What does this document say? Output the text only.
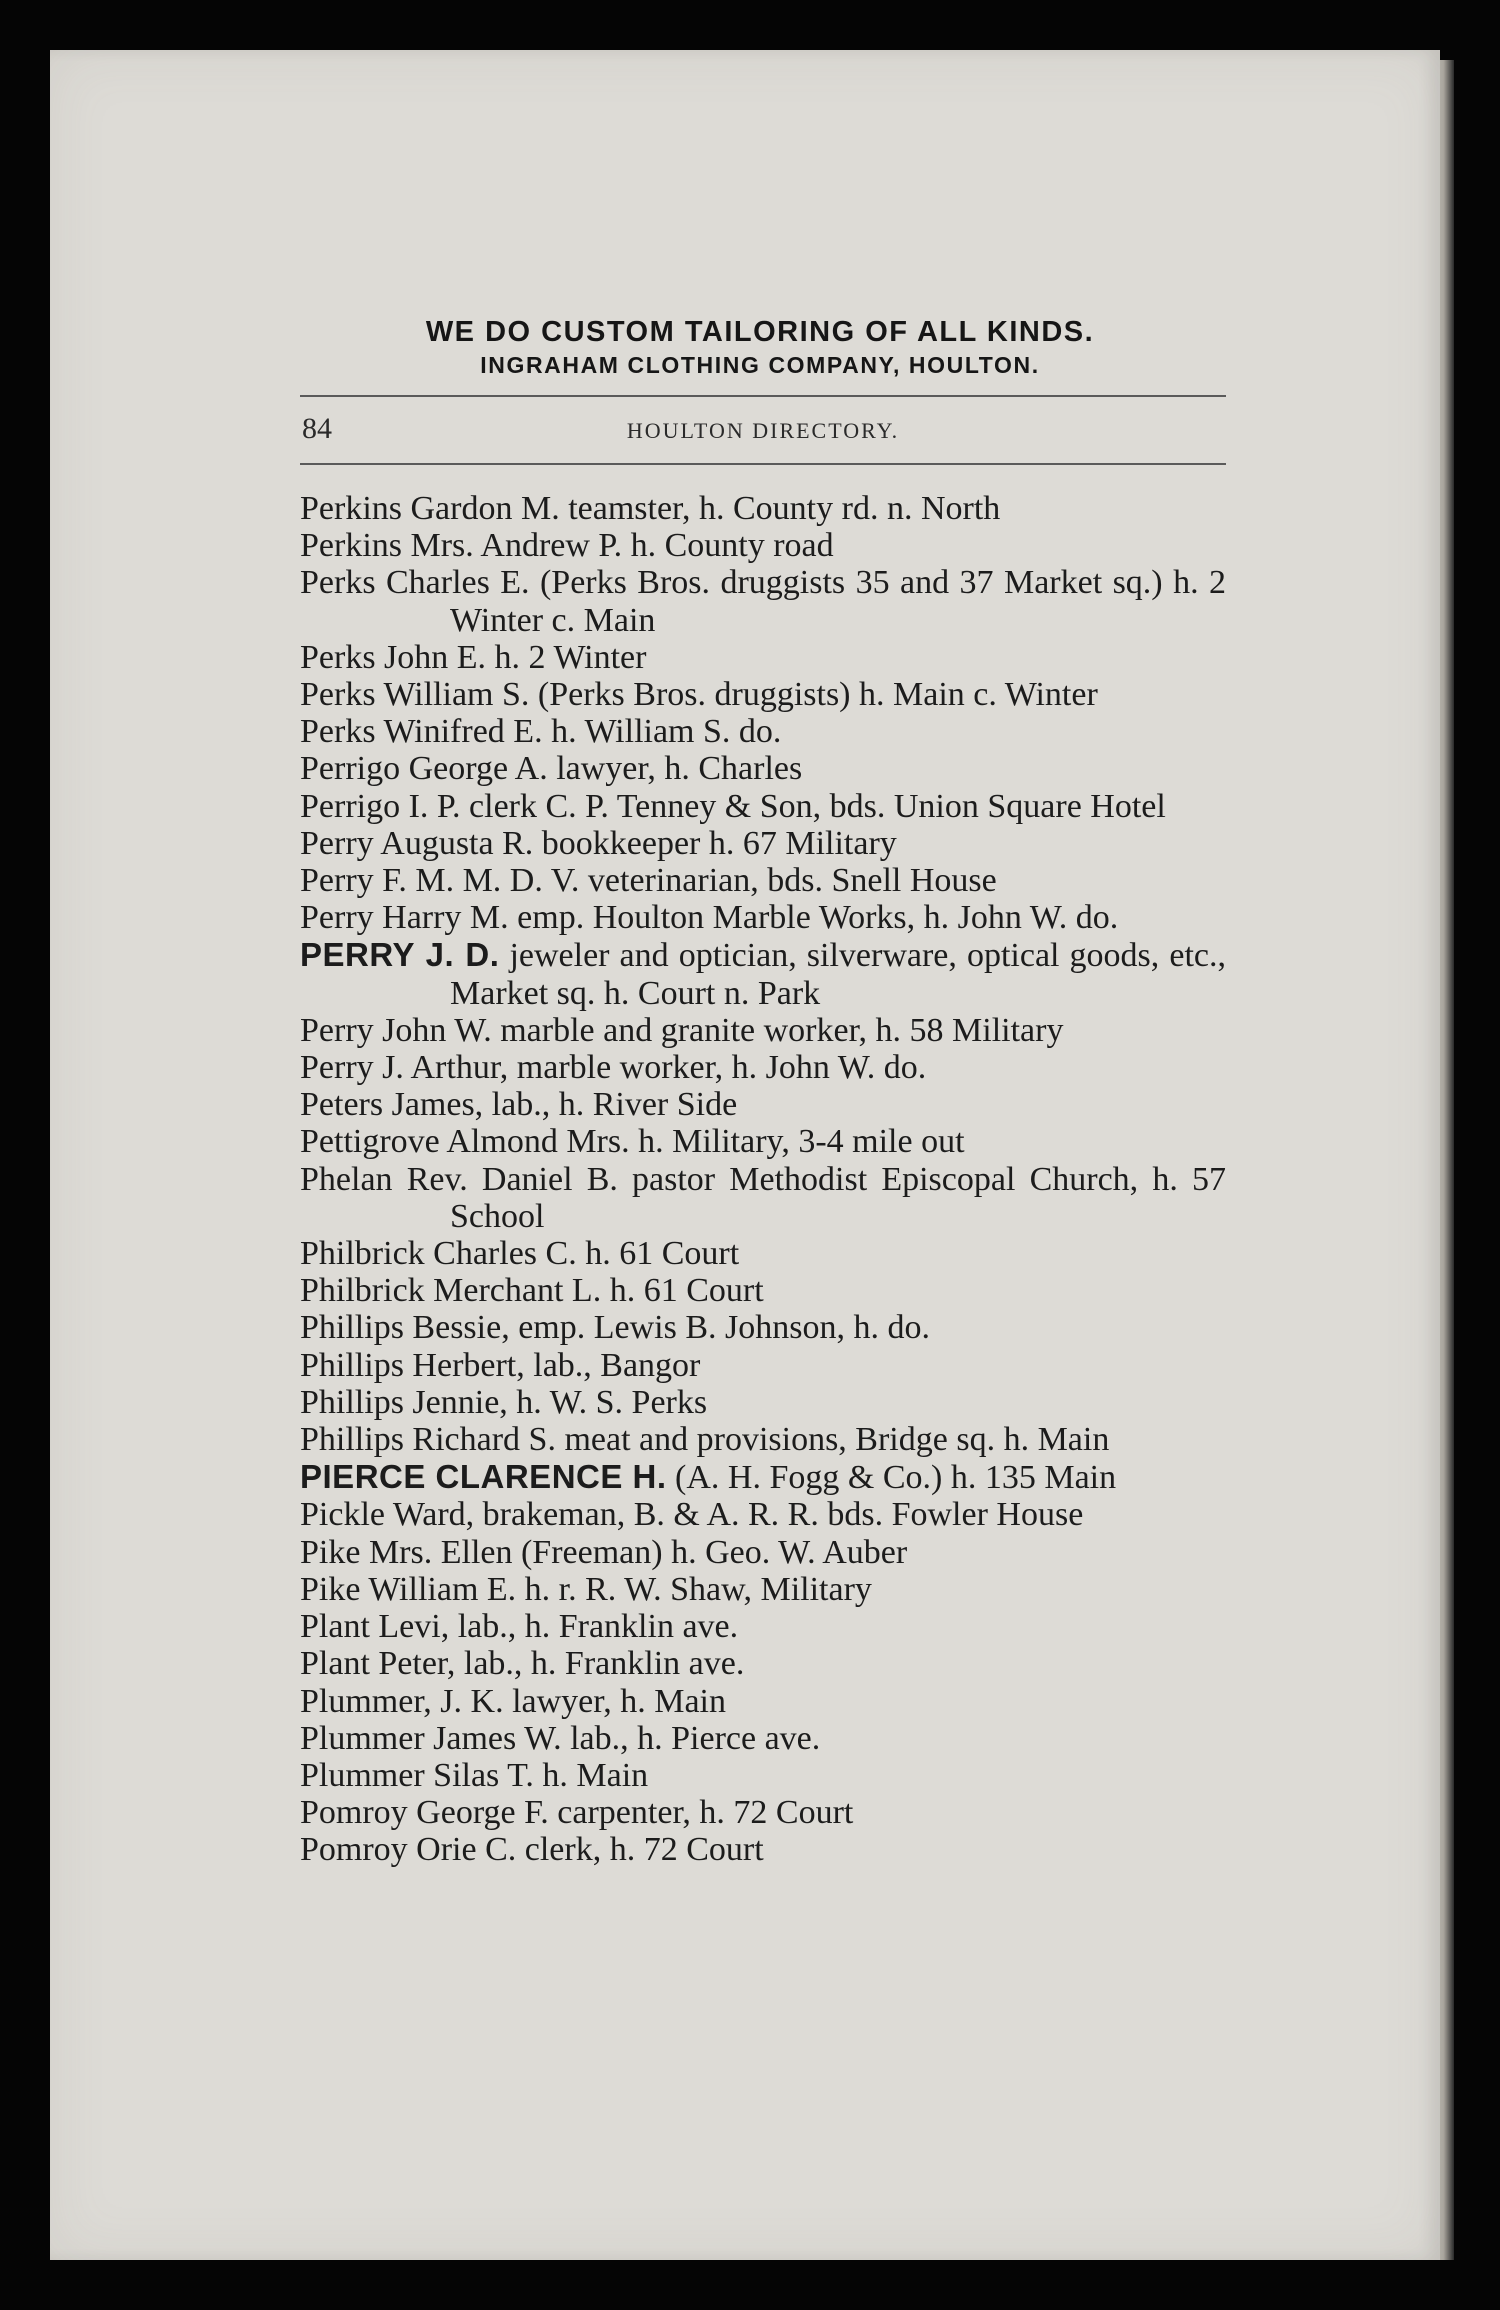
WE DO CUSTOM TAILORING OF ALL KINDS.
INGRAHAM CLOTHING COMPANY, HOULTON.
84	HOULTON DIRECTORY.
Perkins Gardon M. teamster, h. County rd. n. North
Perkins Mrs. Andrew P. h. County road
Perks Charles E. (Perks Bros. druggists 35 and 37 Market sq.) h. 2 Winter c. Main
Perks John E. h. 2 Winter
Perks William S. (Perks Bros. druggists) h. Main c. Winter
Perks Winifred E. h. William S. do.
Perrigo George A. lawyer, h. Charles
Perrigo I. P. clerk C. P. Tenney & Son, bds. Union Square Hotel
Perry Augusta R. bookkeeper h. 67 Military
Perry F. M. M. D. V. veterinarian, bds. Snell House
Perry Harry M. emp. Houlton Marble Works, h. John W. do.
PERRY J. D. jeweler and optician, silverware, optical goods, etc., Market sq. h. Court n. Park
Perry John W. marble and granite worker, h. 58 Military
Perry J. Arthur, marble worker, h. John W. do.
Peters James, lab., h. River Side
Pettigrove Almond Mrs. h. Military, 3-4 mile out
Phelan Rev. Daniel B. pastor Methodist Episcopal Church, h. 57 School
Philbrick Charles C. h. 61 Court
Philbrick Merchant L. h. 61 Court
Phillips Bessie, emp. Lewis B. Johnson, h. do.
Phillips Herbert, lab., Bangor
Phillips Jennie, h. W. S. Perks
Phillips Richard S. meat and provisions, Bridge sq. h. Main
PIERCE CLARENCE H. (A. H. Fogg & Co.) h. 135 Main
Pickle Ward, brakeman, B. & A. R. R. bds. Fowler House
Pike Mrs. Ellen (Freeman) h. Geo. W. Auber
Pike William E. h. r. R. W. Shaw, Military
Plant Levi, lab., h. Franklin ave.
Plant Peter, lab., h. Franklin ave.
Plummer, J. K. lawyer, h. Main
Plummer James W. lab., h. Pierce ave.
Plummer Silas T. h. Main
Pomroy George F. carpenter, h. 72 Court
Pomroy Orie C. clerk, h. 72 Court
